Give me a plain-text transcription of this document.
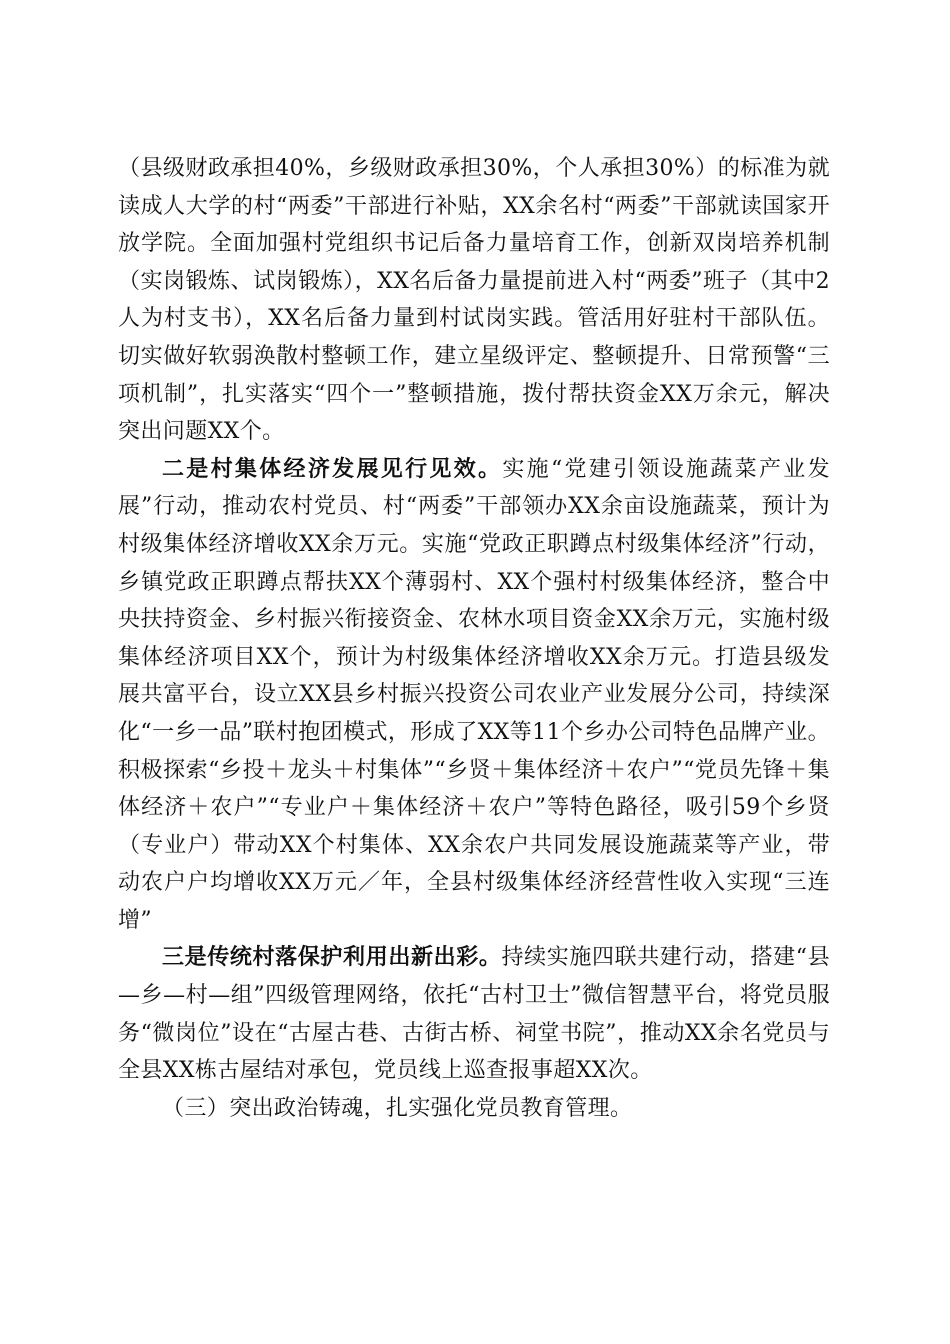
（县级财政承担40%，乡级财政承担30%，个人承担30%）的标准为就读成人大学的村“两委”干部进行补贴，XX余名村“两委”干部就读国家开放学院。全面加强村党组织书记后备力量培育工作，创新双岗培养机制（实岗锻炼、试岗锻炼），XX名后备力量提前进入村“两委”班子（其中2人为村支书），XX名后备力量到村试岗实践。管活用好驻村干部队伍。切实做好软弱涣散村整顿工作，建立星级评定、整顿提升、日常预警“三项机制”，扎实落实“四个一”整顿措施，拨付帮扶资金XX万余元，解决突出问题XX个。

二是村集体经济发展见行见效。实施“党建引领设施蔬菜产业发展”行动，推动农村党员、村“两委”干部领办XX余亩设施蔬菜，预计为村级集体经济增收XX余万元。实施“党政正职蹲点村级集体经济”行动，乡镇党政正职蹲点帮扶XX个薄弱村、XX个强村村级集体经济，整合中央扶持资金、乡村振兴衔接资金、农林水项目资金XX余万元，实施村级集体经济项目XX个，预计为村级集体经济增收XX余万元。打造县级发展共富平台，设立XX县乡村振兴投资公司农业产业发展分公司，持续深化“一乡一品”联村抱团模式，形成了XX等11个乡办公司特色品牌产业。积极探索“乡投＋龙头＋村集体”“乡贤＋集体经济＋农户”“党员先锋＋集体经济＋农户”“专业户＋集体经济＋农户”等特色路径，吸引59个乡贤（专业户）带动XX个村集体、XX余农户共同发展设施蔬菜等产业，带动农户户均增收XX万元／年，全县村级集体经济经营性收入实现“三连增”

三是传统村落保护利用出新出彩。持续实施四联共建行动，搭建“县—乡—村—组”四级管理网络，依托“古村卫士”微信智慧平台，将党员服务“微岗位”设在“古屋古巷、古街古桥、祠堂书院”，推动XX余名党员与全县XX栋古屋结对承包，党员线上巡查报事超XX次。

（三）突出政治铸魂，扎实强化党员教育管理。
